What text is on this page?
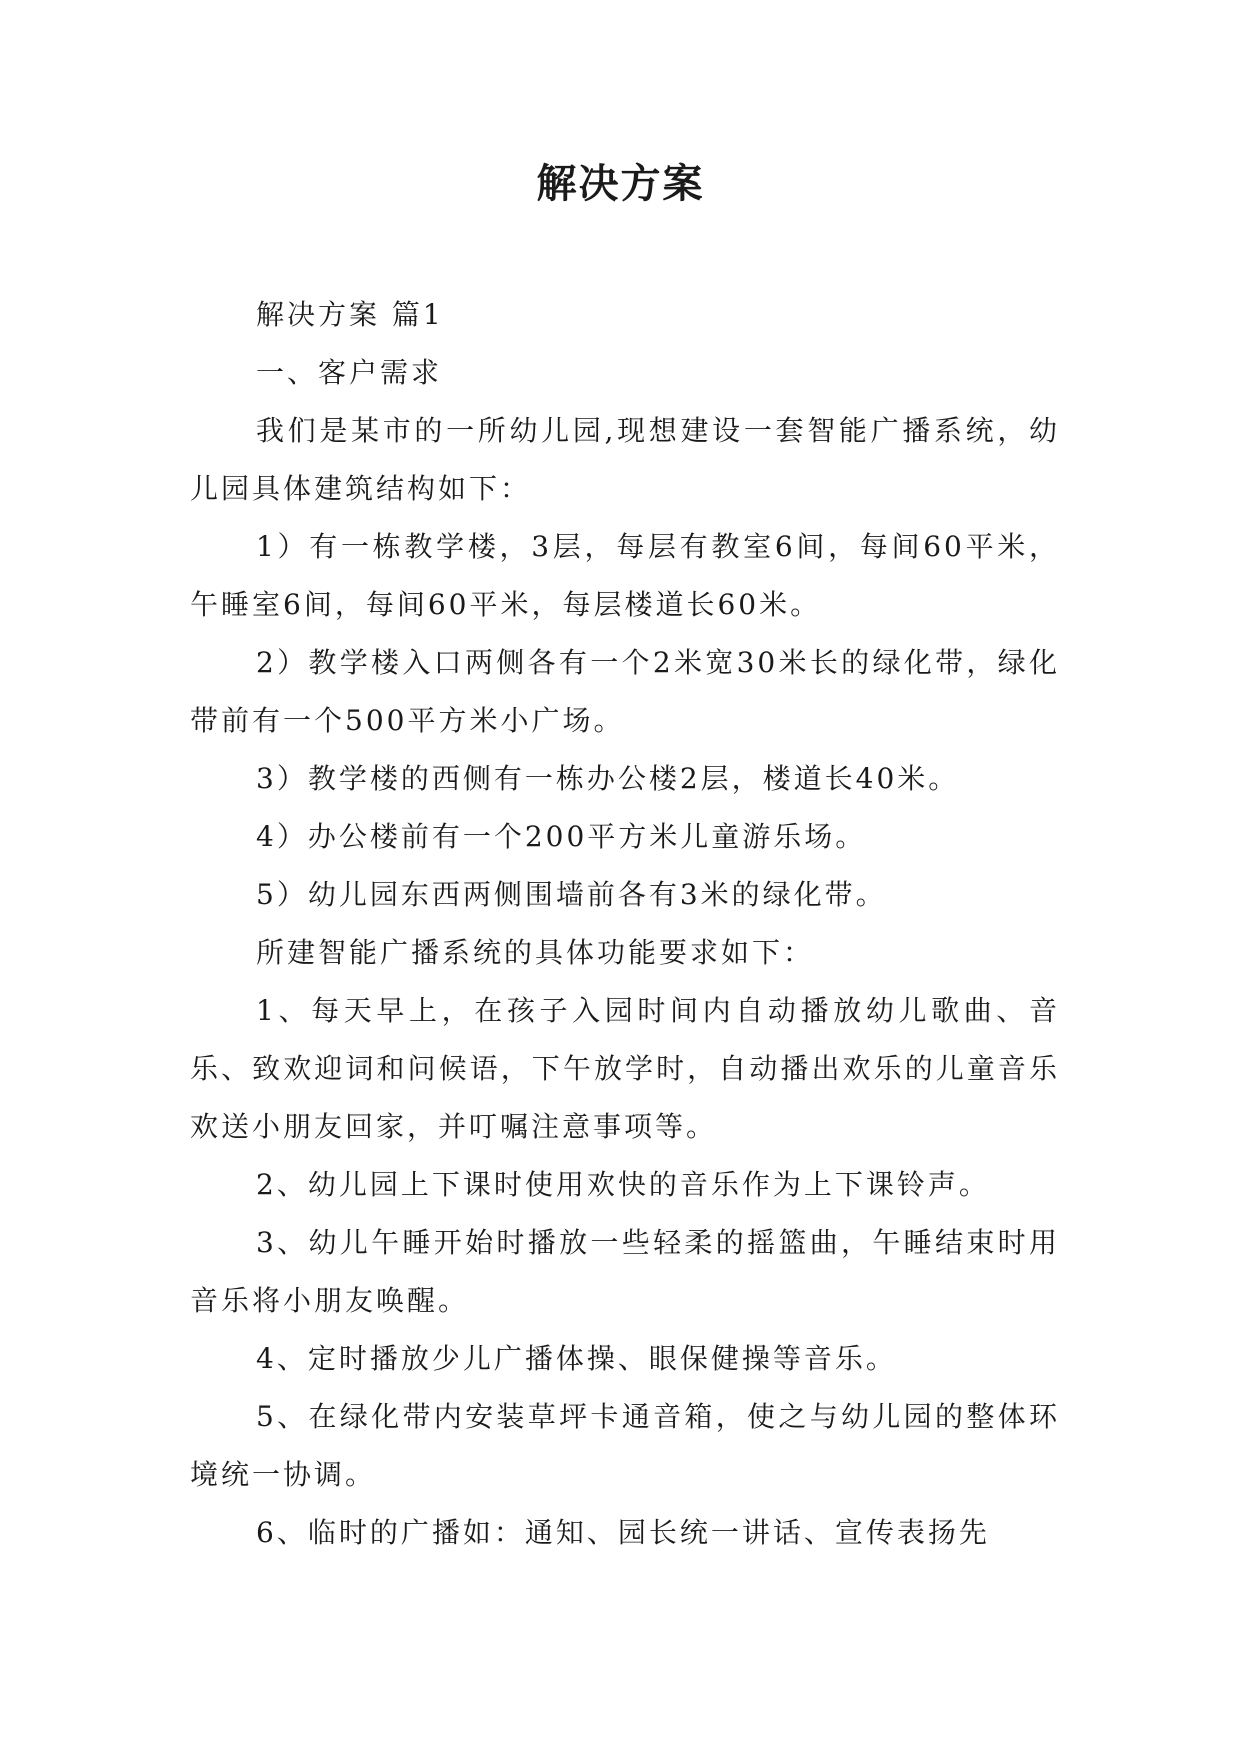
解决方案

解决方案 篇1

一、客户需求

我们是某市的一所幼儿园,现想建设一套智能广播系统，幼儿园具体建筑结构如下：

1）有一栋教学楼，3层，每层有教室6间，每间60平米，午睡室6间，每间60平米，每层楼道长60米。

2）教学楼入口两侧各有一个2米宽30米长的绿化带，绿化带前有一个500平方米小广场。

3）教学楼的西侧有一栋办公楼2层，楼道长40米。

4）办公楼前有一个200平方米儿童游乐场。

5）幼儿园东西两侧围墙前各有3米的绿化带。

所建智能广播系统的具体功能要求如下：

1、每天早上，在孩子入园时间内自动播放幼儿歌曲、音乐、致欢迎词和问候语，下午放学时，自动播出欢乐的儿童音乐欢送小朋友回家，并叮嘱注意事项等。

2、幼儿园上下课时使用欢快的音乐作为上下课铃声。

3、幼儿午睡开始时播放一些轻柔的摇篮曲，午睡结束时用音乐将小朋友唤醒。

4、定时播放少儿广播体操、眼保健操等音乐。

5、在绿化带内安装草坪卡通音箱，使之与幼儿园的整体环境统一协调。

6、临时的广播如：通知、园长统一讲话、宣传表扬先
